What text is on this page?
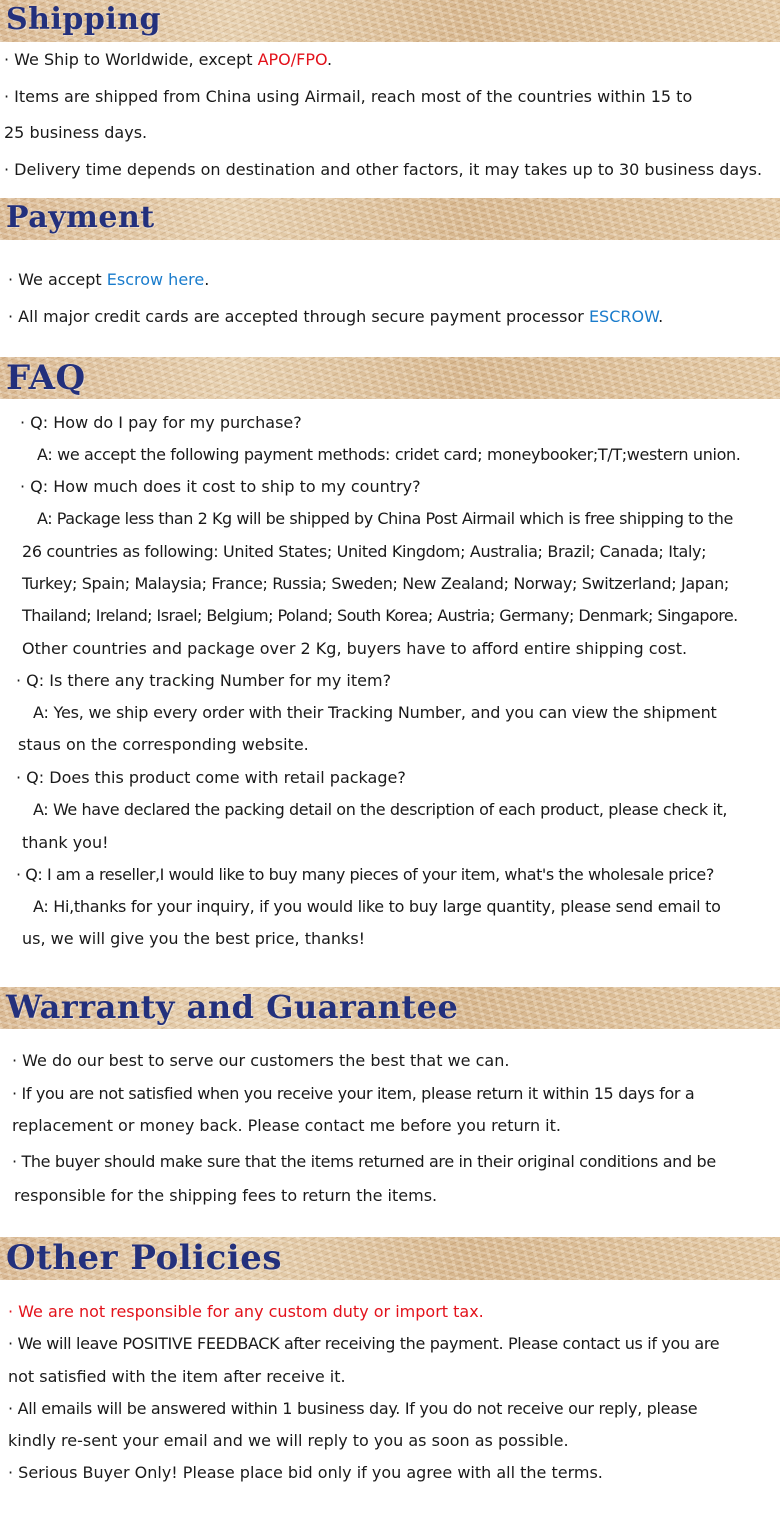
Shipping
· We Ship to Worldwide, except APO/FPO.
· Items are shipped from China using Airmail, reach most of the countries within 15 to
25 business days.
· Delivery time depends on destination and other factors, it may takes up to 30 business days.
Payment
· We accept Escrow here.
· All major credit cards are accepted through secure payment processor ESCROW.
FAQ
· Q: How do I pay for my purchase?
A: we accept the following payment methods: cridet card; moneybooker;T/T;western union.
· Q: How much does it cost to ship to my country?
A: Package less than 2 Kg will be shipped by China Post Airmail which is free shipping to the
26 countries as following: United States; United Kingdom; Australia; Brazil; Canada; Italy;
Turkey; Spain; Malaysia; France; Russia; Sweden; New Zealand; Norway; Switzerland; Japan;
Thailand; Ireland; Israel; Belgium; Poland; South Korea; Austria; Germany; Denmark; Singapore.
Other countries and package over 2 Kg, buyers have to afford entire shipping cost.
· Q: Is there any tracking Number for my item?
A: Yes, we ship every order with their Tracking Number, and you can view the shipment
staus on the corresponding website.
· Q: Does this product come with retail package?
A: We have declared the packing detail on the description of each product, please check it,
thank you!
· Q: I am a reseller,I would like to buy many pieces of your item, what's the wholesale price?
A: Hi,thanks for your inquiry, if you would like to buy large quantity, please send email to
us, we will give you the best price, thanks!
Warranty and Guarantee
· We do our best to serve our customers the best that we can.
· If you are not satisfied when you receive your item, please return it within 15 days for a
replacement or money back. Please contact me before you return it.
· The buyer should make sure that the items returned are in their original conditions and be
responsible for the shipping fees to return the items.
Other Policies
· We are not responsible for any custom duty or import tax.
· We will leave POSITIVE FEEDBACK after receiving the payment. Please contact us if you are
not satisfied with the item after receive it.
· All emails will be answered within 1 business day. If you do not receive our reply, please
kindly re-sent your email and we will reply to you as soon as possible.
· Serious Buyer Only! Please place bid only if you agree with all the terms.
